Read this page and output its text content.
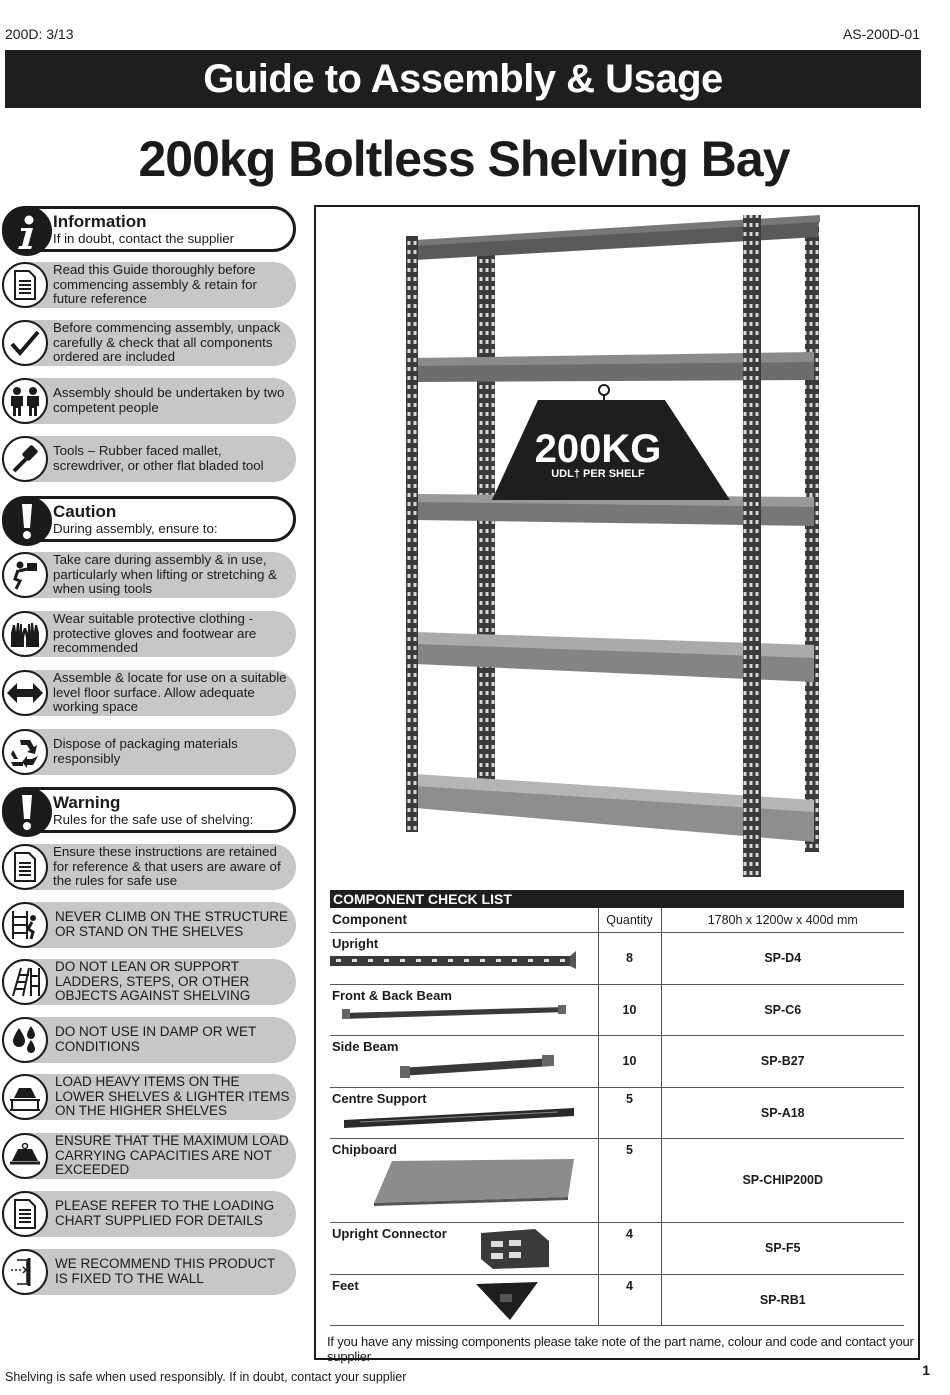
200D: 3/13	AS-200D-01
Guide to Assembly & Usage
200kg Boltless Shelving Bay
Information
If in doubt, contact the supplier
Read this Guide thoroughly before commencing assembly & retain for future reference
Before commencing assembly, unpack carefully & check that all components ordered are included
Assembly should be undertaken by two competent people
Tools – Rubber faced mallet, screwdriver, or other flat bladed tool
Caution
During assembly, ensure to:
Take care during assembly & in use, particularly when lifting or stretching & when using tools
Wear suitable protective clothing - protective gloves and footwear are recommended
Assemble & locate for use on a suitable level floor surface. Allow adequate working space
Dispose of packaging materials responsibly
Warning
Rules for the safe use of shelving:
Ensure these instructions are retained for reference & that users are aware of the rules for safe use
NEVER CLIMB ON THE STRUCTURE OR STAND ON THE SHELVES
DO NOT LEAN OR SUPPORT LADDERS, STEPS, OR OTHER OBJECTS AGAINST SHELVING
DO NOT USE IN DAMP OR WET CONDITIONS
LOAD HEAVY ITEMS ON THE LOWER SHELVES & LIGHTER ITEMS ON THE HIGHER SHELVES
ENSURE THAT THE MAXIMUM LOAD CARRYING CAPACITIES ARE NOT EXCEEDED
PLEASE REFER TO THE LOADING CHART SUPPLIED FOR DETAILS
WE RECOMMEND THIS PRODUCT IS FIXED TO THE WALL
200KG
UDL† PER SHELF
COMPONENT CHECK LIST
Component	Quantity	1780h x 1200w x 400d mm

Upright	8	SP-D4

Front & Back Beam	10	SP-C6

Side Beam	10	SP-B27

Centre Support	5	SP-A18

Chipboard	5	SP-CHIP200D

Upright Connector	4	SP-F5

Feet	4	SP-RB1
If you have any missing components please take note of the part name, colour and code and contact your supplier
Shelving is safe when used responsibly. If in doubt, contact your supplier	1
